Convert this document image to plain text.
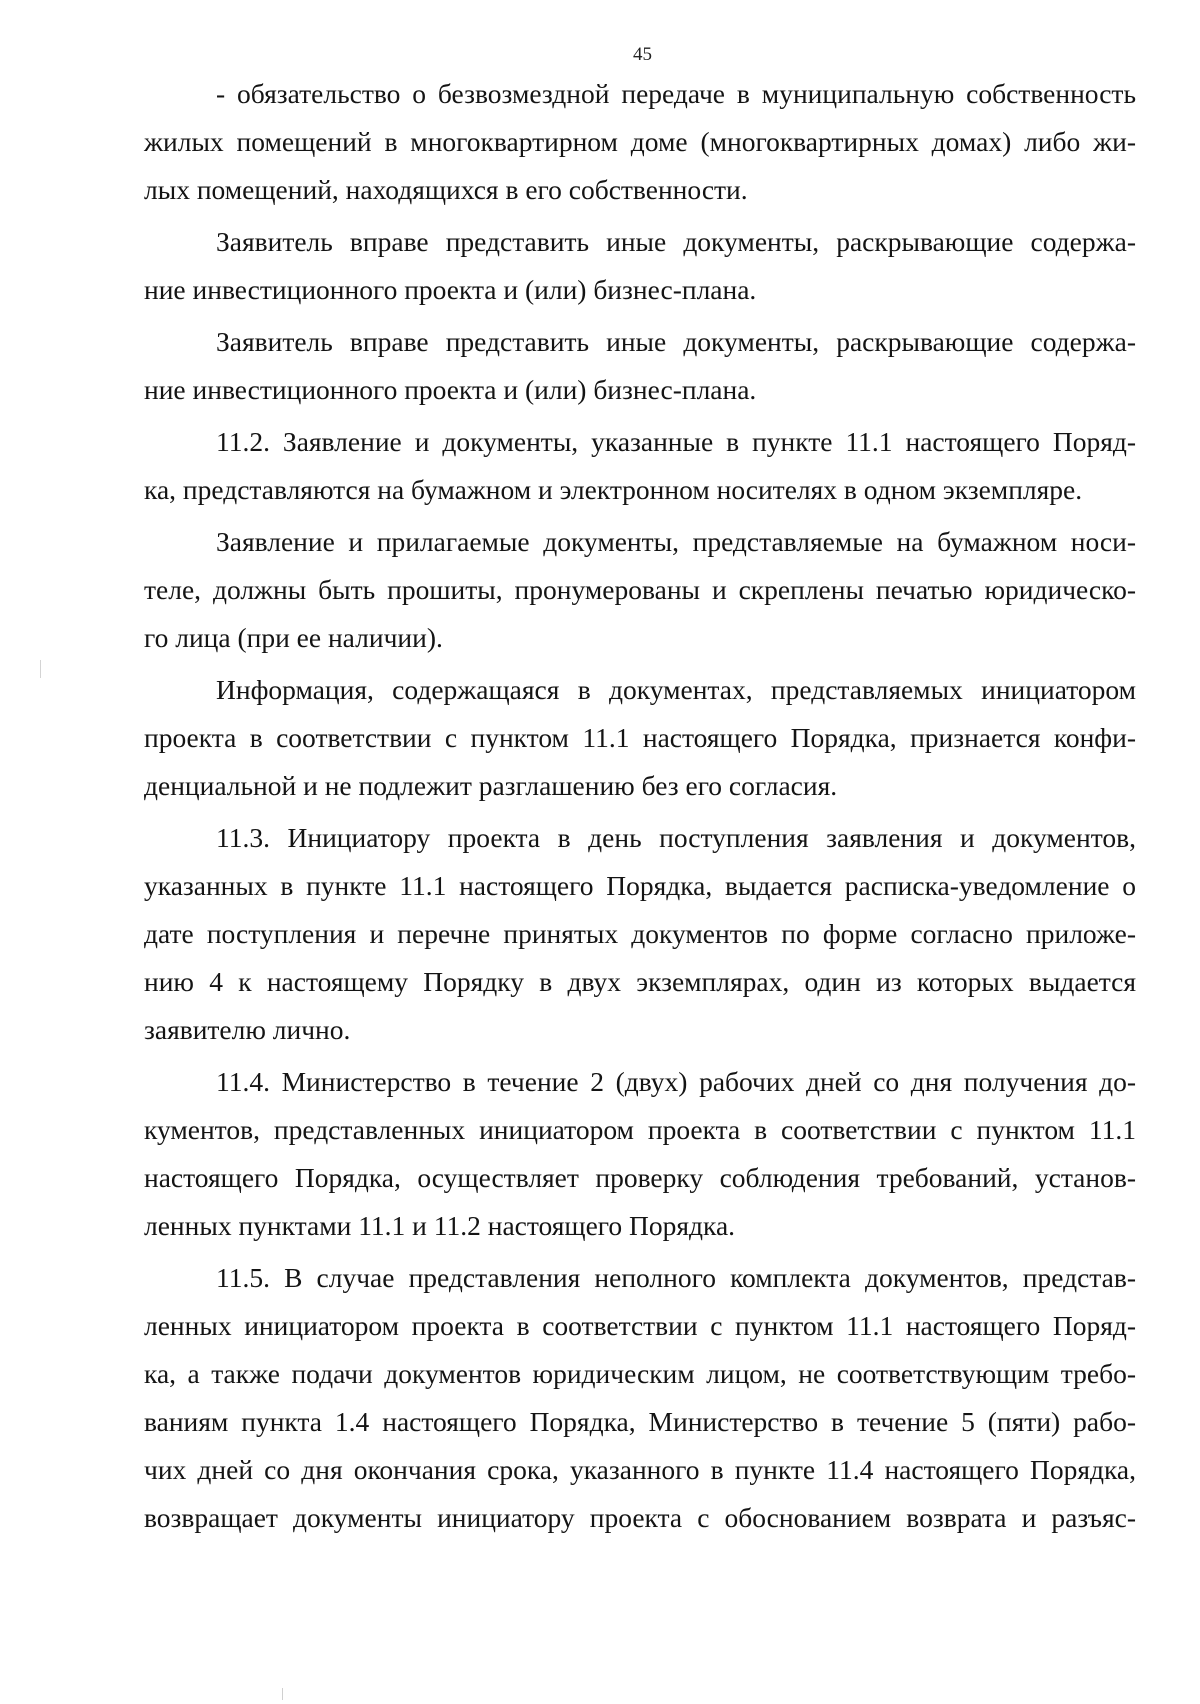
45

- обязательство о безвозмездной передаче в муниципальную собственность
жилых помещений в многоквартирном доме (многоквартирных домах) либо жи-
лых помещений, находящихся в его собственности.

Заявитель вправе представить иные документы, раскрывающие содержа-
ние инвестиционного проекта и (или) бизнес-плана.

Заявитель вправе представить иные документы, раскрывающие содержа-
ние инвестиционного проекта и (или) бизнес-плана.

11.2. Заявление и документы, указанные в пункте 11.1 настоящего Поряд-
ка, представляются на бумажном и электронном носителях в одном экземпляре.

Заявление и прилагаемые документы, представляемые на бумажном носи-
теле, должны быть прошиты, пронумерованы и скреплены печатью юридическо-
го лица (при ее наличии).

Информация, содержащаяся в документах, представляемых инициатором
проекта в соответствии с пунктом 11.1 настоящего Порядка, признается конфи-
денциальной и не подлежит разглашению без его согласия.

11.3. Инициатору проекта в день поступления заявления и документов,
указанных в пункте 11.1 настоящего Порядка, выдается расписка-уведомление о
дате поступления и перечне принятых документов по форме согласно приложе-
нию 4 к настоящему Порядку в двух экземплярах, один из которых выдается
заявителю лично.

11.4. Министерство в течение 2 (двух) рабочих дней со дня получения до-
кументов, представленных инициатором проекта в соответствии с пунктом 11.1
настоящего Порядка, осуществляет проверку соблюдения требований, установ-
ленных пунктами 11.1 и 11.2 настоящего Порядка.

11.5. В случае представления неполного комплекта документов, представ-
ленных инициатором проекта в соответствии с пунктом 11.1 настоящего Поряд-
ка, а также подачи документов юридическим лицом, не соответствующим требо-
ваниям пункта 1.4 настоящего Порядка, Министерство в течение 5 (пяти) рабо-
чих дней со дня окончания срока, указанного в пункте 11.4 настоящего Порядка,
возвращает документы инициатору проекта с обоснованием возврата и разъяс-
